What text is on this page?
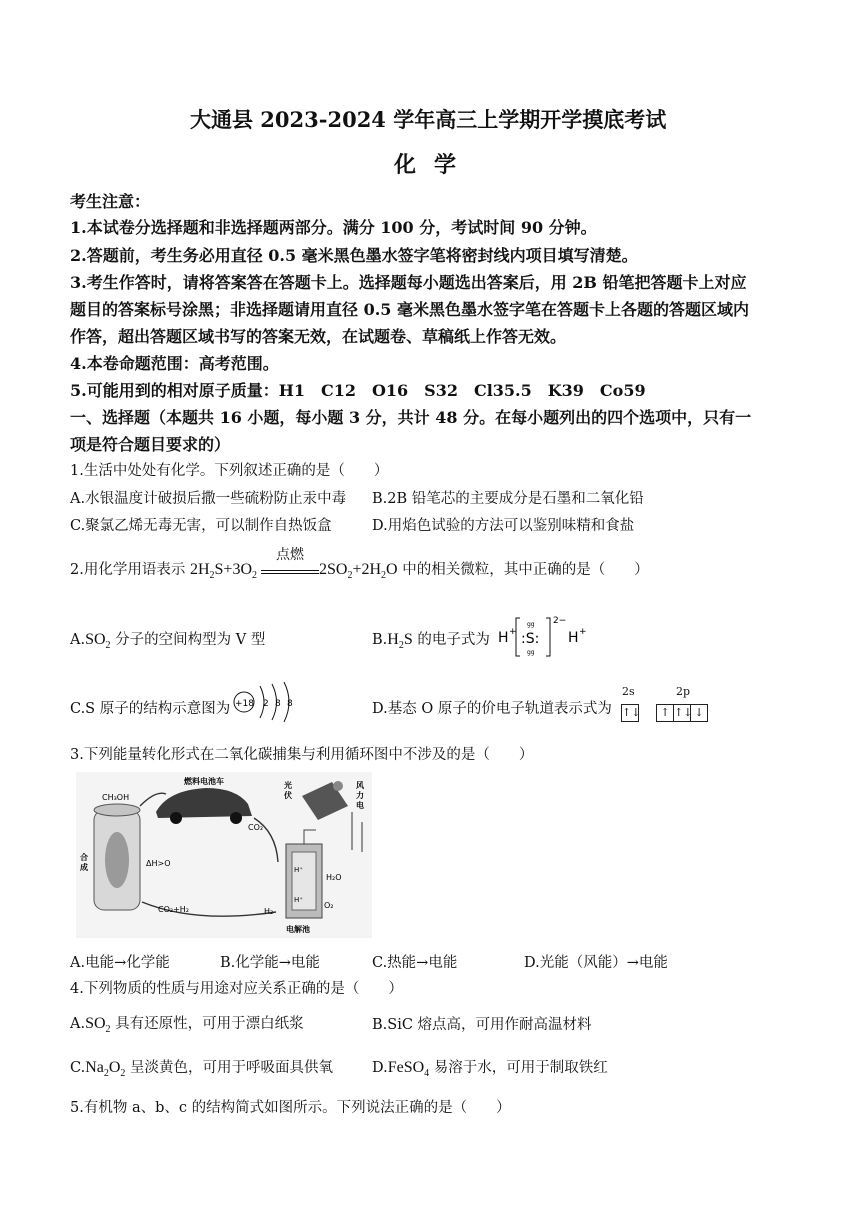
大通县 2023-2024 学年高三上学期开学摸底考试
化学
考生注意：
1.本试卷分选择题和非选择题两部分。满分 100 分，考试时间 90 分钟。
2.答题前，考生务必用直径 0.5 毫米黑色墨水签字笔将密封线内项目填写清楚。
3.考生作答时，请将答案答在答题卡上。选择题每小题选出答案后，用 2B 铅笔把答题卡上对应
题目的答案标号涂黑；非选择题请用直径 0.5 毫米黑色墨水签字笔在答题卡上各题的答题区域内
作答，超出答题区域书写的答案无效，在试题卷、草稿纸上作答无效。
4.本卷命题范围：高考范围。
5.可能用到的相对原子质量：H1　C12　O16　S32　Cl35.5　K39　Co59
一、选择题（本题共 16 小题，每小题 3 分，共计 48 分。在每小题列出的四个选项中，只有一
项是符合题目要求的）
1.生活中处处有化学。下列叙述正确的是（　　）
A.水银温度计破损后撒一些硫粉防止汞中毒 B.2B 铅笔芯的主要成分是石墨和二氧化铅
C.聚氯乙烯无毒无害，可以制作自热饭盒	D.用焰色试验的方法可以鉴别味精和食盐
2.用化学用语表示 $2H_2S+3O_2$
点燃
$2SO_2+2H_2O$ 中的相关微粒，其中正确的是（　　）
$A.SO_2$ 分子的空间构型为 V 型	$B.H_2S$ 的电子式为 H +
gg
:S:
gg
2−
H +
C.S 原子的结构示意图为 +18 2 8 8	D.基态 O 原子的价电子轨道表示式为
2s	2p
↑↓
	↑ ↑↓ ↓
3.下列能量转化形式在二氧化碳捕集与利用循环图中不涉及的是（　　）
燃料电池车
CH₃OH
CO₂
光
伏
风
力
电
合
成	ΔH>O
H⁺
H⁺
H₂O
O₂
H₂
CO₂+H₂
电解池
A.电能→化学能	B.化学能→电能	C.热能→电能	D.光能（风能）→电能
4.下列物质的性质与用途对应关系正确的是（　　）
$A.SO_2$ 具有还原性，可用于漂白纸浆	B.SiC 熔点高，可用作耐高温材料
$C.Na_2O_2$ 呈淡黄色，可用于呼吸面具供氧	D.FeSO$_4$ 易溶于水，可用于制取铁红
5.有机物 a、b、c 的结构简式如图所示。下列说法正确的是（　　）
